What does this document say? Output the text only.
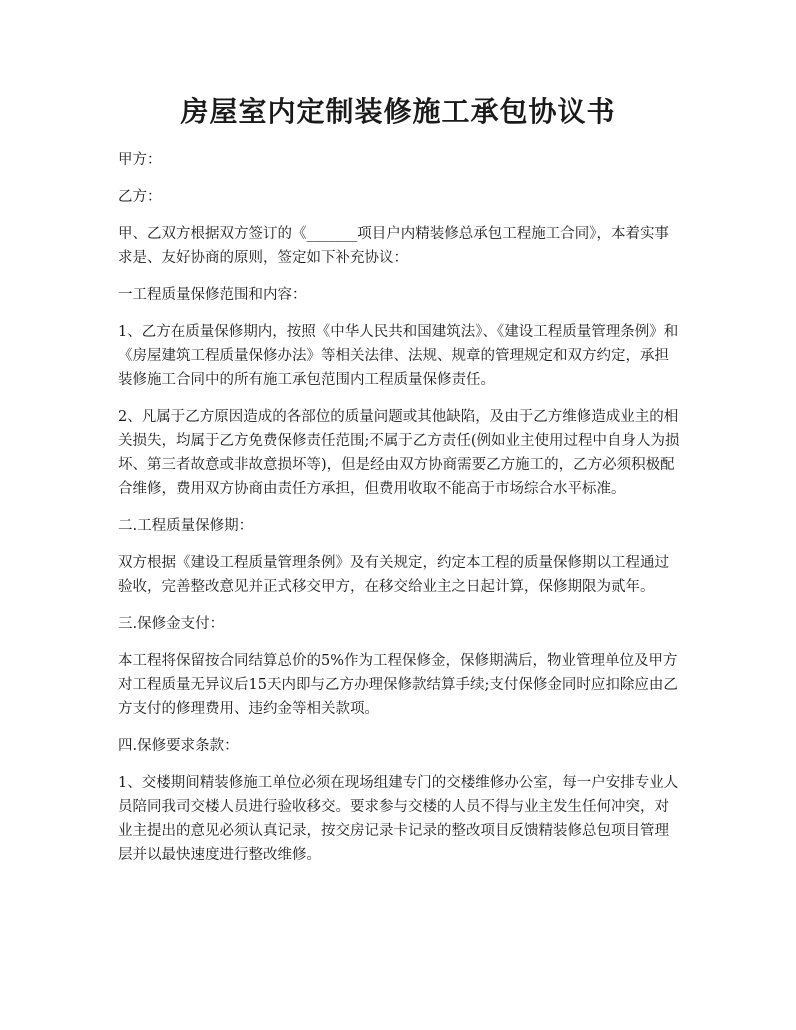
房屋室内定制装修施工承包协议书

甲方：

乙方：

甲、乙双方根据双方签订的《_______项目户内精装修总承包工程施工合同》，本着实事求是、友好协商的原则，签定如下补充协议：

一工程质量保修范围和内容：

1、乙方在质量保修期内，按照《中华人民共和国建筑法》、《建设工程质量管理条例》和《房屋建筑工程质量保修办法》等相关法律、法规、规章的管理规定和双方约定，承担装修施工合同中的所有施工承包范围内工程质量保修责任。

2、凡属于乙方原因造成的各部位的质量问题或其他缺陷，及由于乙方维修造成业主的相关损失，均属于乙方免费保修责任范围;不属于乙方责任(例如业主使用过程中自身人为损坏、第三者故意或非故意损坏等)，但是经由双方协商需要乙方施工的，乙方必须积极配合维修，费用双方协商由责任方承担，但费用收取不能高于市场综合水平标准。

二.工程质量保修期：

双方根据《建设工程质量管理条例》及有关规定，约定本工程的质量保修期以工程通过验收，完善整改意见并正式移交甲方，在移交给业主之日起计算，保修期限为贰年。

三.保修金支付：

本工程将保留按合同结算总价的5%作为工程保修金，保修期满后，物业管理单位及甲方对工程质量无异议后15天内即与乙方办理保修款结算手续;支付保修金同时应扣除应由乙方支付的修理费用、违约金等相关款项。

四.保修要求条款：

1、交楼期间精装修施工单位必须在现场组建专门的交楼维修办公室，每一户安排专业人员陪同我司交楼人员进行验收移交。要求参与交楼的人员不得与业主发生任何冲突，对业主提出的意见必须认真记录，按交房记录卡记录的整改项目反馈精装修总包项目管理层并以最快速度进行整改维修。
